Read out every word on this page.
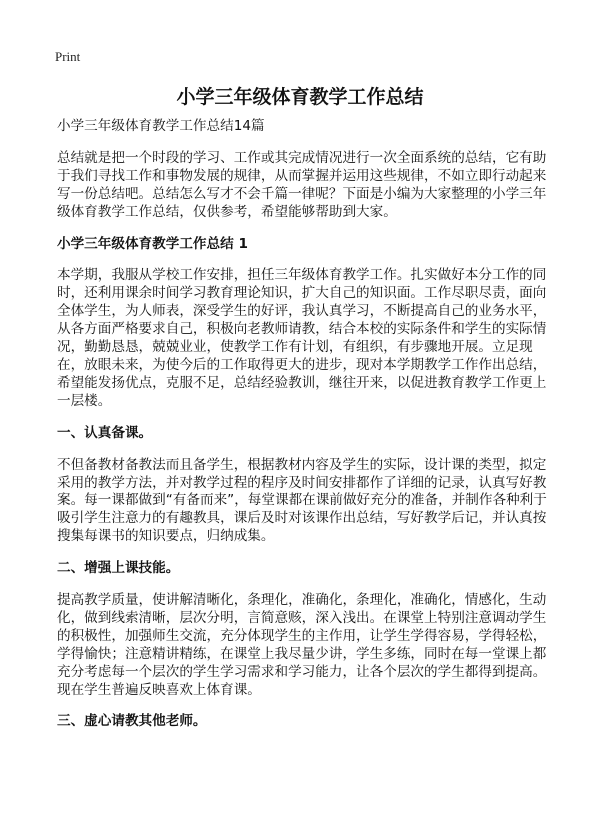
Print
小学三年级体育教学工作总结

小学三年级体育教学工作总结14篇

总结就是把一个时段的学习、工作或其完成情况进行一次全面系统的总结，它有助于我们寻找工作和事物发展的规律，从而掌握并运用这些规律，不如立即行动起来写一份总结吧。总结怎么写才不会千篇一律呢？下面是小编为大家整理的小学三年级体育教学工作总结，仅供参考，希望能够帮助到大家。

小学三年级体育教学工作总结 1

本学期，我服从学校工作安排，担任三年级体育教学工作。扎实做好本分工作的同时，还利用课余时间学习教育理论知识，扩大自己的知识面。工作尽职尽责，面向全体学生，为人师表，深受学生的好评，我认真学习，不断提高自己的业务水平，从各方面严格要求自己，积极向老教师请教，结合本校的实际条件和学生的实际情况，勤勤恳恳，兢兢业业，使教学工作有计划，有组织，有步骤地开展。立足现在，放眼未来，为使今后的工作取得更大的进步，现对本学期教学工作作出总结，希望能发扬优点，克服不足，总结经验教训，继往开来，以促进教育教学工作更上一层楼。

一、认真备课。

不但备教材备教法而且备学生，根据教材内容及学生的实际，设计课的类型，拟定采用的教学方法，并对教学过程的程序及时间安排都作了详细的记录，认真写好教案。每一课都做到“有备而来”，每堂课都在课前做好充分的准备，并制作各种利于吸引学生注意力的有趣教具，课后及时对该课作出总结，写好教学后记，并认真按搜集每课书的知识要点，归纳成集。

二、增强上课技能。

提高教学质量，使讲解清晰化，条理化，准确化，条理化，准确化，情感化，生动化，做到线索清晰，层次分明，言简意赅，深入浅出。在课堂上特别注意调动学生的积极性，加强师生交流，充分体现学生的主作用，让学生学得容易，学得轻松，学得愉快；注意精讲精练，在课堂上我尽量少讲，学生多练，同时在每一堂课上都充分考虑每一个层次的学生学习需求和学习能力，让各个层次的学生都得到提高。现在学生普遍反映喜欢上体育课。

三、虚心请教其他老师。
